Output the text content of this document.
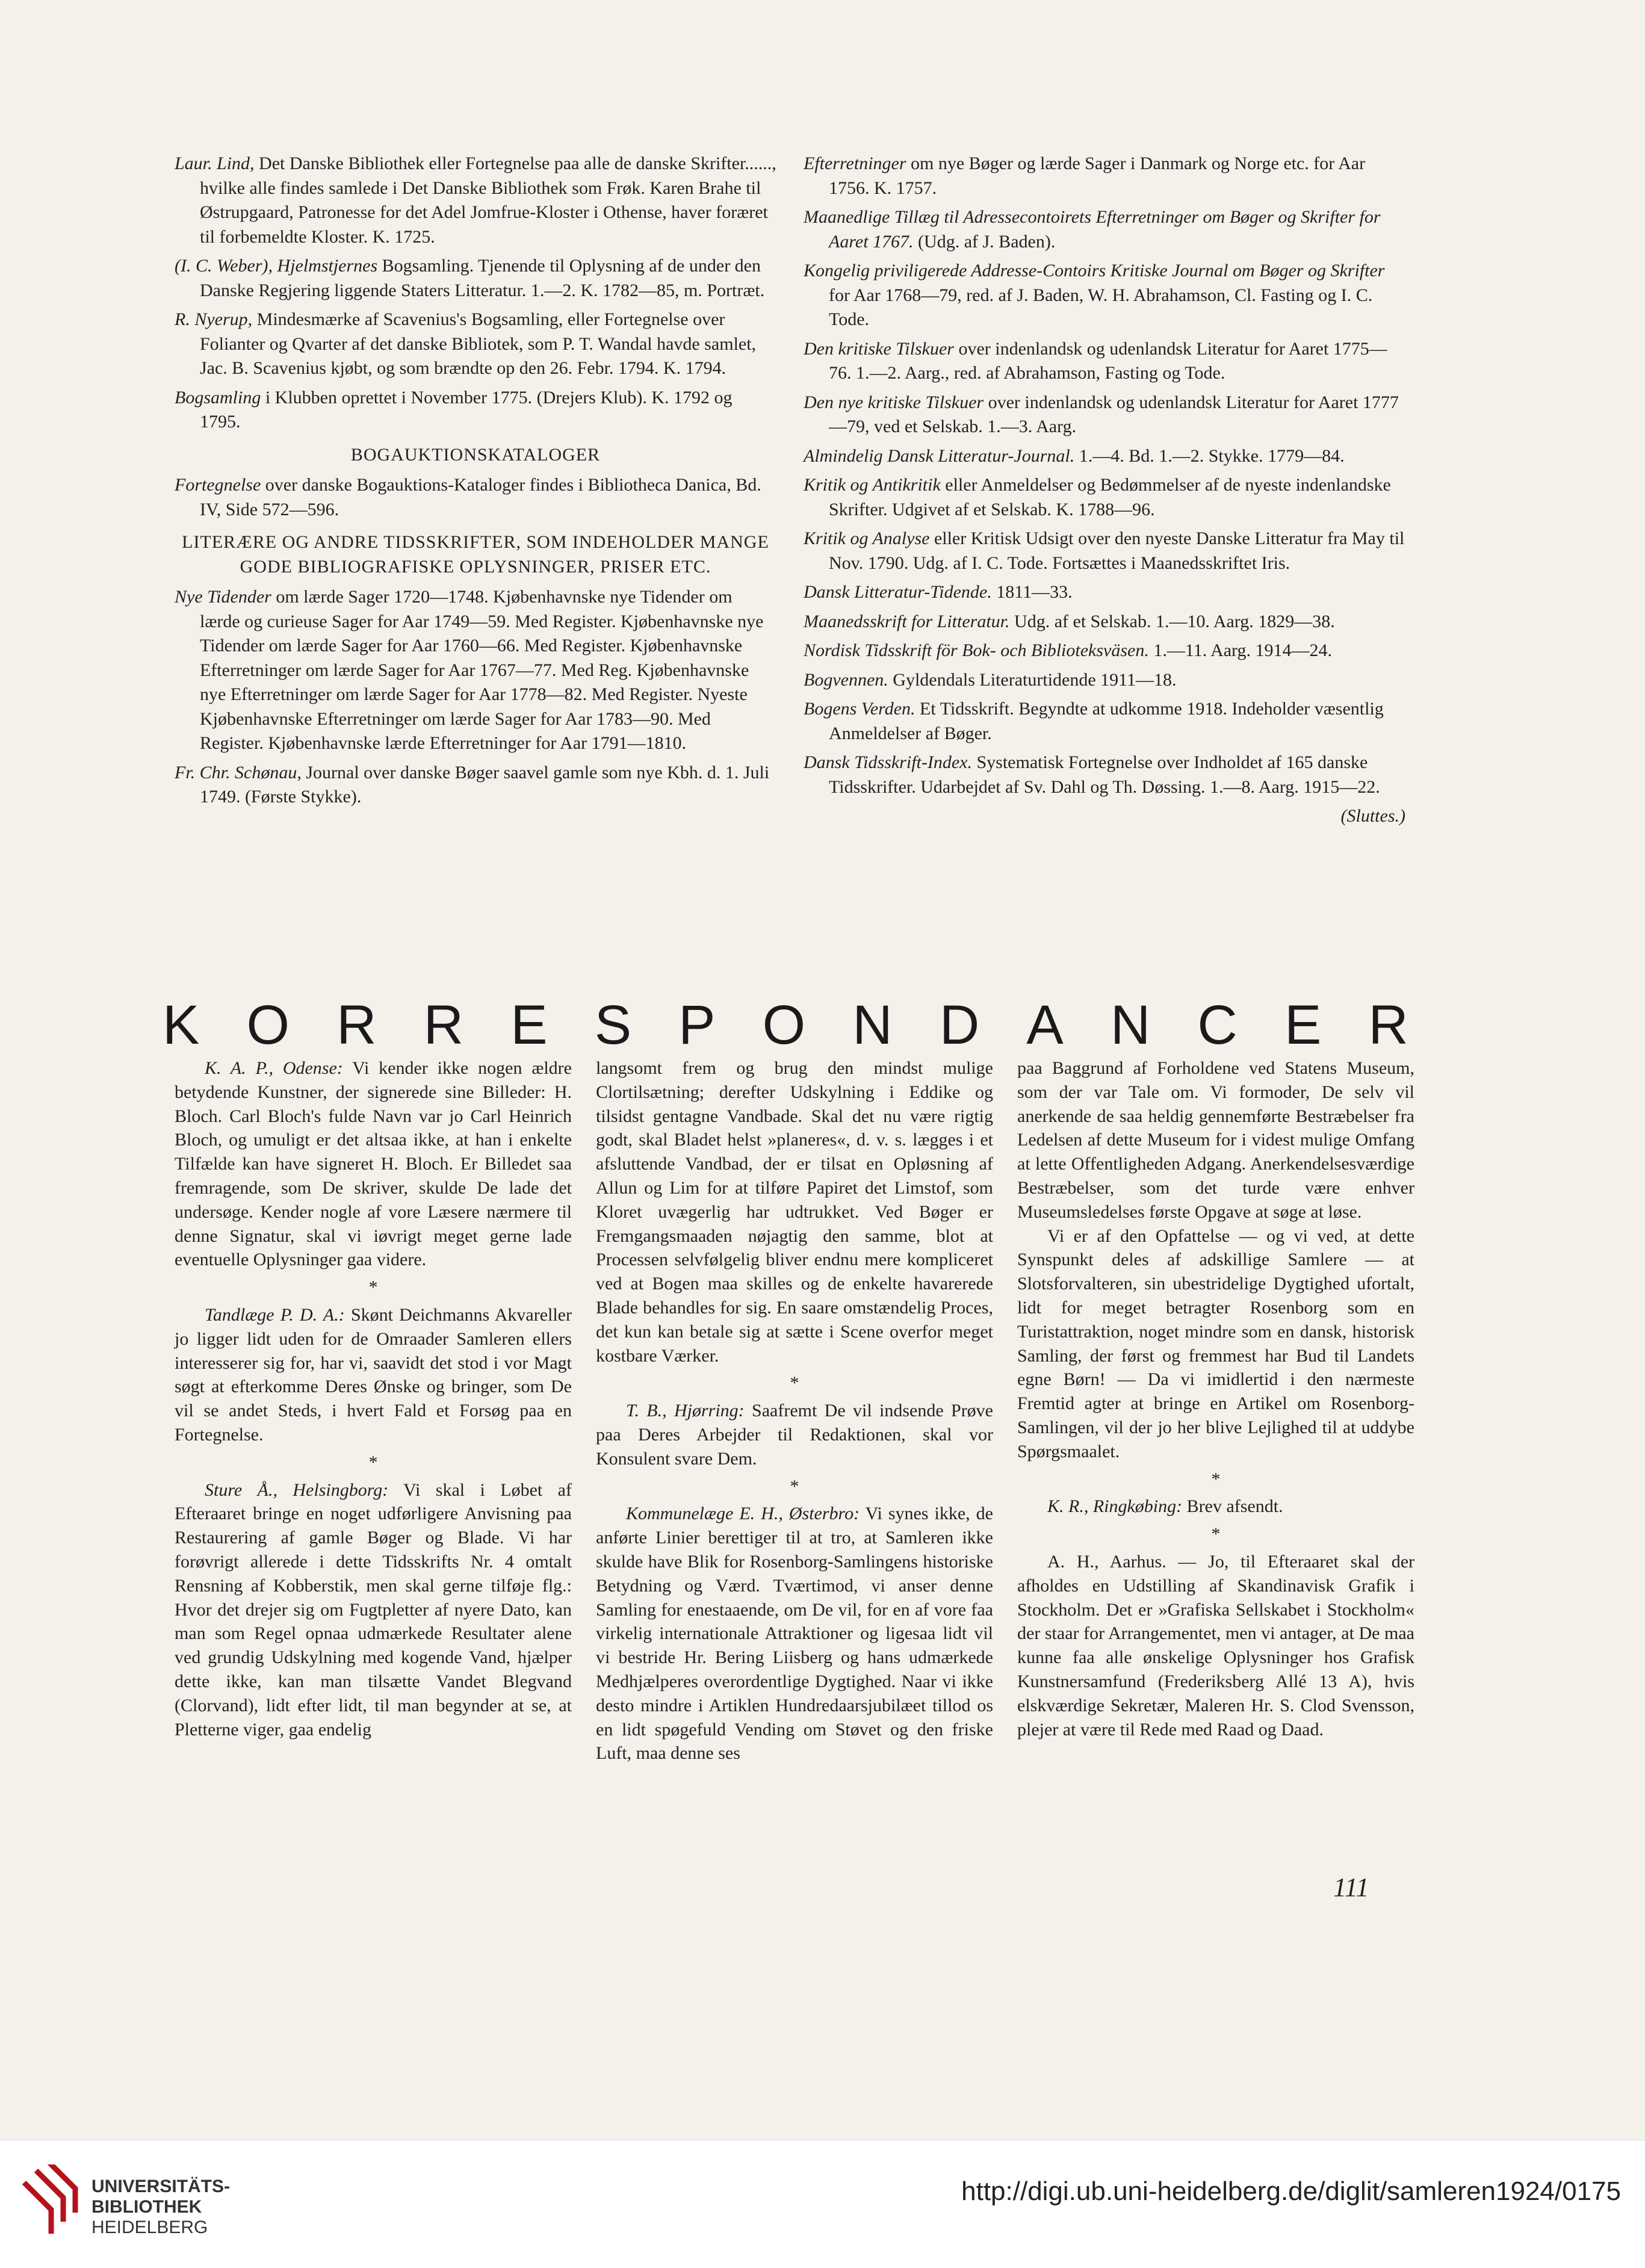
Laur. Lind, Det Danske Bibliothek eller Fortegnelse paa alle de danske Skrifter......, hvilke alle findes samlede i Det Danske Bibliothek som Frøk. Karen Brahe til Østrupgaard, Patronesse for det Adel Jomfrue-Kloster i Othense, haver foræret til forbemeldte Kloster. K. 1725.

(I. C. Weber), Hjelmstjernes Bogsamling. Tjenende til Oplysning af de under den Danske Regjering liggende Staters Litteratur. 1.—2. K. 1782—85, m. Portræt.

R. Nyerup, Mindesmærke af Scavenius's Bogsamling, eller Fortegnelse over Folianter og Qvarter af det danske Bibliotek, som P. T. Wandal havde samlet, Jac. B. Scavenius kjøbt, og som brændte op den 26. Febr. 1794. K. 1794.

Bogsamling i Klubben oprettet i November 1775. (Drejers Klub). K. 1792 og 1795.

BOGAUKTIONSKATALOGER

Fortegnelse over danske Bogauktions-Kataloger findes i Bibliotheca Danica, Bd. IV, Side 572—596.

LITERÆRE OG ANDRE TIDSSKRIFTER, SOM INDEHOLDER MANGE GODE BIBLIOGRAFISKE OPLYSNINGER, PRISER ETC.

Nye Tidender om lærde Sager 1720—1748. Kjøbenhavnske nye Tidender om lærde og curieuse Sager for Aar 1749—59. Med Register. Kjøbenhavnske nye Tidender om lærde Sager for Aar 1760—66. Med Register. Kjøbenhavnske Efterretninger om lærde Sager for Aar 1767—77. Med Reg. Kjøbenhavnske nye Efterretninger om lærde Sager for Aar 1778—82. Med Register. Nyeste Kjøbenhavnske Efterretninger om lærde Sager for Aar 1783—90. Med Register. Kjøbenhavnske lærde Efterretninger for Aar 1791—1810.

Fr. Chr. Schønau, Journal over danske Bøger saavel gamle som nye Kbh. d. 1. Juli 1749. (Første Stykke).

Efterretninger om nye Bøger og lærde Sager i Danmark og Norge etc. for Aar 1756. K. 1757.

Maanedlige Tillæg til Adressecontoirets Efterretninger om Bøger og Skrifter for Aaret 1767. (Udg. af J. Baden).

Kongelig priviligerede Addresse-Contoirs Kritiske Journal om Bøger og Skrifter for Aar 1768—79, red. af J. Baden, W. H. Abrahamson, Cl. Fasting og I. C. Tode.

Den kritiske Tilskuer over indenlandsk og udenlandsk Literatur for Aaret 1775—76. 1.—2. Aarg., red. af Abrahamson, Fasting og Tode.

Den nye kritiske Tilskuer over indenlandsk og udenlandsk Literatur for Aaret 1777—79, ved et Selskab. 1.—3. Aarg.

Almindelig Dansk Litteratur-Journal. 1.—4. Bd. 1.—2. Stykke. 1779—84.

Kritik og Antikritik eller Anmeldelser og Bedømmelser af de nyeste indenlandske Skrifter. Udgivet af et Selskab. K. 1788—96.

Kritik og Analyse eller Kritisk Udsigt over den nyeste Danske Litteratur fra May til Nov. 1790. Udg. af I. C. Tode. Fortsættes i Maanedsskriftet Iris.

Dansk Litteratur-Tidende. 1811—33.

Maanedsskrift for Litteratur. Udg. af et Selskab. 1.—10. Aarg. 1829—38.

Nordisk Tidsskrift för Bok- och Biblioteksväsen. 1.—11. Aarg. 1914—24.

Bogvennen. Gyldendals Literaturtidende 1911—18.

Bogens Verden. Et Tidsskrift. Begyndte at udkomme 1918. Indeholder væsentlig Anmeldelser af Bøger.

Dansk Tidsskrift-Index. Systematisk Fortegnelse over Indholdet af 165 danske Tidsskrifter. Udarbejdet af Sv. Dahl og Th. Døssing. 1.—8. Aarg. 1915—22.

(Sluttes.)

K O R R E S P O N D A N C E R

K. A. P., Odense: Vi kender ikke nogen ældre betydende Kunstner, der signerede sine Billeder: H. Bloch. Carl Bloch's fulde Navn var jo Carl Heinrich Bloch, og umuligt er det altsaa ikke, at han i enkelte Tilfælde kan have signeret H. Bloch. Er Billedet saa fremragende, som De skriver, skulde De lade det undersøge. Kender nogle af vore Læsere nærmere til denne Signatur, skal vi iøvrigt meget gerne lade eventuelle Oplysninger gaa videre.

*

Tandlæge P. D. A.: Skønt Deichmanns Akvareller jo ligger lidt uden for de Omraader Samleren ellers interesserer sig for, har vi, saavidt det stod i vor Magt søgt at efterkomme Deres Ønske og bringer, som De vil se andet Steds, i hvert Fald et Forsøg paa en Fortegnelse.

*

Sture Å., Helsingborg: Vi skal i Løbet af Efteraaret bringe en noget udførligere Anvisning paa Restaurering af gamle Bøger og Blade. Vi har forøvrigt allerede i dette Tidsskrifts Nr. 4 omtalt Rensning af Kobberstik, men skal gerne tilføje flg.: Hvor det drejer sig om Fugtpletter af nyere Dato, kan man som Regel opnaa udmærkede Resultater alene ved grundig Udskylning med kogende Vand, hjælper dette ikke, kan man tilsætte Vandet Blegvand (Clorvand), lidt efter lidt, til man begynder at se, at Pletterne viger, gaa endelig

langsomt frem og brug den mindst mulige Clortilsætning; derefter Udskylning i Eddike og tilsidst gentagne Vandbade. Skal det nu være rigtig godt, skal Bladet helst »planeres«, d. v. s. lægges i et afsluttende Vandbad, der er tilsat en Opløsning af Allun og Lim for at tilføre Papiret det Limstof, som Kloret uvægerlig har udtrukket. Ved Bøger er Fremgangsmaaden nøjagtig den samme, blot at Processen selvfølgelig bliver endnu mere kompliceret ved at Bogen maa skilles og de enkelte havarerede Blade behandles for sig. En saare omstændelig Proces, det kun kan betale sig at sætte i Scene overfor meget kostbare Værker.

*

T. B., Hjørring: Saafremt De vil indsende Prøve paa Deres Arbejder til Redaktionen, skal vor Konsulent svare Dem.

*

Kommunelæge E. H., Østerbro: Vi synes ikke, de anførte Linier berettiger til at tro, at Samleren ikke skulde have Blik for Rosenborg-Samlingens historiske Betydning og Værd. Tværtimod, vi anser denne Samling for enestaaende, om De vil, for en af vore faa virkelig internationale Attraktioner og ligesaa lidt vil vi bestride Hr. Bering Liisberg og hans udmærkede Medhjælperes overordentlige Dygtighed. Naar vi ikke desto mindre i Artiklen Hundredaarsjubilæet tillod os en lidt spøgefuld Vending om Støvet og den friske Luft, maa denne ses

paa Baggrund af Forholdene ved Statens Museum, som der var Tale om. Vi formoder, De selv vil anerkende de saa heldig gennemførte Bestræbelser fra Ledelsen af dette Museum for i videst mulige Omfang at lette Offentligheden Adgang. Anerkendelsesværdige Bestræbelser, som det turde være enhver Museumsledelses første Opgave at søge at løse.

Vi er af den Opfattelse — og vi ved, at dette Synspunkt deles af adskillige Samlere — at Slotsforvalteren, sin ubestridelige Dygtighed ufortalt, lidt for meget betragter Rosenborg som en Turistattraktion, noget mindre som en dansk, historisk Samling, der først og fremmest har Bud til Landets egne Børn! — Da vi imidlertid i den nærmeste Fremtid agter at bringe en Artikel om Rosenborg-Samlingen, vil der jo her blive Lejlighed til at uddybe Spørgsmaalet.

*

K. R., Ringkøbing: Brev afsendt.

*

A. H., Aarhus. — Jo, til Efteraaret skal der afholdes en Udstilling af Skandinavisk Grafik i Stockholm. Det er »Grafiska Sellskabet i Stockholm« der staar for Arrangementet, men vi antager, at De maa kunne faa alle ønskelige Oplysninger hos Grafisk Kunstnersamfund (Frederiksberg Allé 13 A), hvis elskværdige Sekretær, Maleren Hr. S. Clod Svensson, plejer at være til Rede med Raad og Daad.

111
UNIVERSITÄTS-
BIBLIOTHEK
HEIDELBERG
http://digi.ub.uni-heidelberg.de/diglit/samleren1924/0175
